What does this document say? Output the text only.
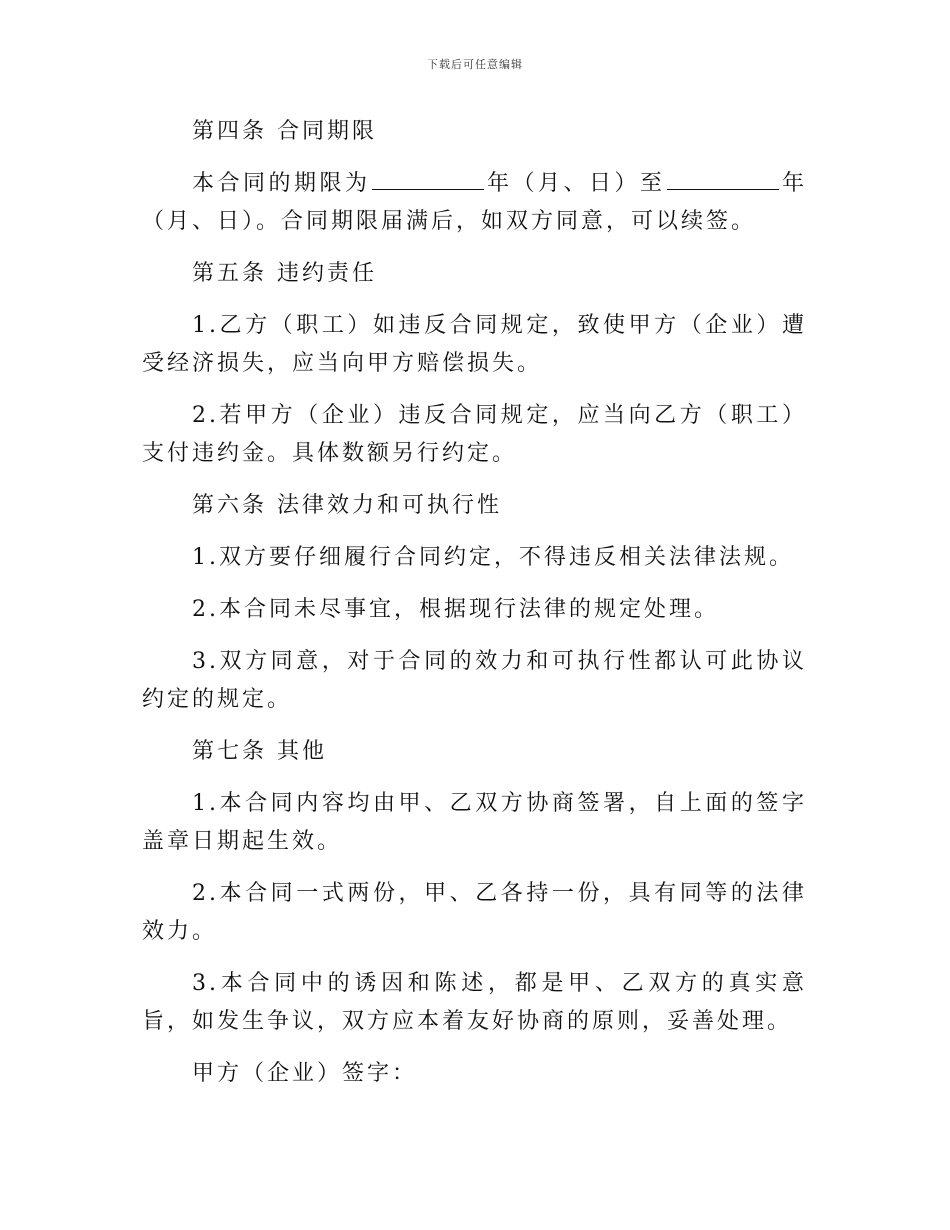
下载后可任意编辑

第四条 合同期限

本合同的期限为	年（月、日）至	年（月、日）。合同期限届满后，如双方同意，可以续签。

第五条 违约责任

1.乙方（职工）如违反合同规定，致使甲方（企业）遭受经济损失，应当向甲方赔偿损失。

2.若甲方（企业）违反合同规定，应当向乙方（职工）支付违约金。具体数额另行约定。

第六条 法律效力和可执行性

1.双方要仔细履行合同约定，不得违反相关法律法规。

2.本合同未尽事宜，根据现行法律的规定处理。

3.双方同意，对于合同的效力和可执行性都认可此协议约定的规定。

第七条 其他

1.本合同内容均由甲、乙双方协商签署，自上面的签字盖章日期起生效。

2.本合同一式两份，甲、乙各持一份，具有同等的法律效力。

3.本合同中的诱因和陈述，都是甲、乙双方的真实意旨，如发生争议，双方应本着友好协商的原则，妥善处理。

甲方（企业）签字：
